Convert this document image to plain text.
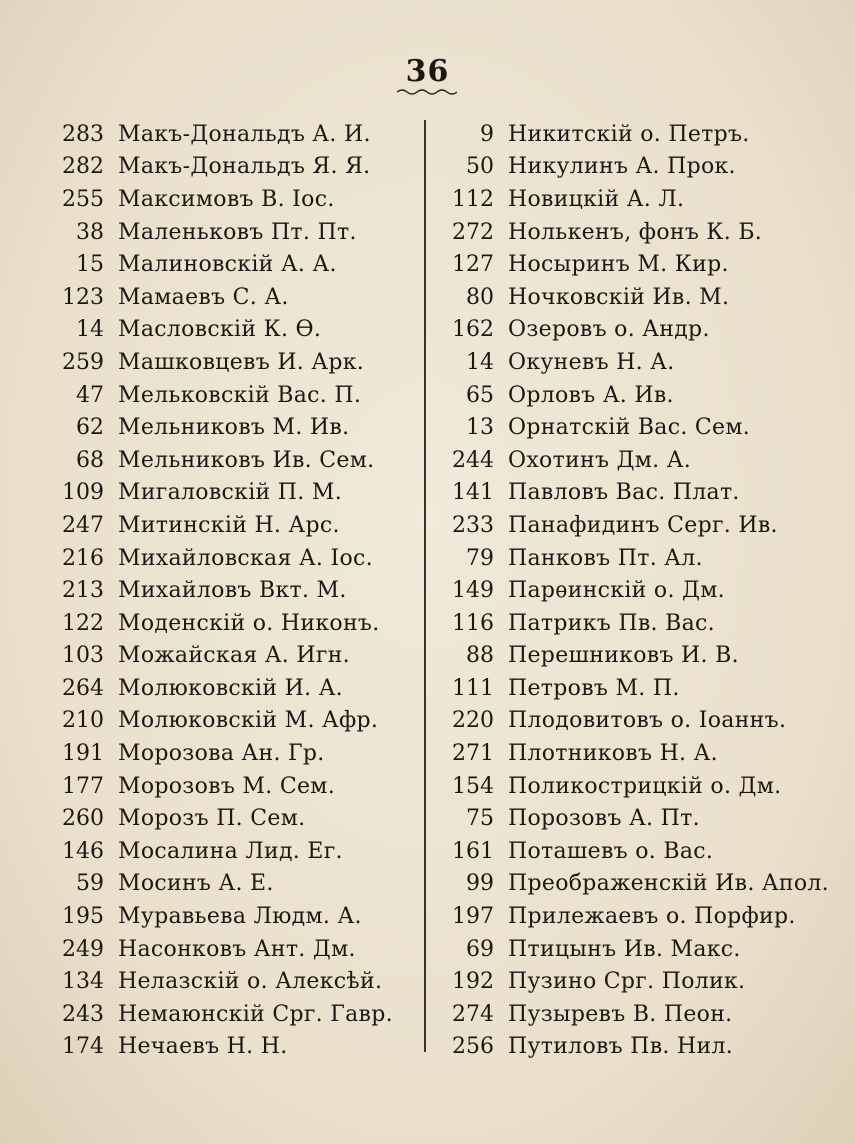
36
283 Макъ-Дональдъ А. И.
282 Макъ-Дональдъ Я. Я.
255 Максимовъ В. Іос.
38 Маленьковъ Пт. Пт.
15 Малиновскій А. А.
123 Мамаевъ С. А.
14 Масловскій К. Ѳ.
259 Машковцевъ И. Арк.
47 Мельковскій Вас. П.
62 Мельниковъ М. Ив.
68 Мельниковъ Ив. Сем.
109 Мигаловскій П. М.
247 Митинскій Н. Арс.
216 Михайловская А. Іос.
213 Михайловъ Вкт. М.
122 Моденскій о. Никонъ.
103 Можайская А. Игн.
264 Молюковскій И. А.
210 Молюковскій М. Афр.
191 Морозова Ан. Гр.
177 Морозовъ М. Сем.
260 Морозъ П. Сем.
146 Мосалина Лид. Ег.
59 Мосинъ А. Е.
195 Муравьева Людм. А.
249 Насонковъ Ант. Дм.
134 Нелазскій о. Алексѣй.
243 Немаюнскій Срг. Гавр.
174 Нечаевъ Н. Н.
9 Никитскій о. Петръ.
50 Никулинъ А. Прок.
112 Новицкій А. Л.
272 Нолькенъ, фонъ К. Б.
127 Носыринъ М. Кир.
80 Ночковскій Ив. М.
162 Озеровъ о. Андр.
14 Окуневъ Н. А.
65 Орловъ А. Ив.
13 Орнатскій Вас. Сем.
244 Охотинъ Дм. А.
141 Павловъ Вас. Плат.
233 Панафидинъ Серг. Ив.
79 Панковъ Пт. Ал.
149 Парѳинскій о. Дм.
116 Патрикъ Пв. Вас.
88 Перешниковъ И. В.
111 Петровъ М. П.
220 Плодовитовъ о. Іоаннъ.
271 Плотниковъ Н. А.
154 Поликострицкій о. Дм.
75 Порозовъ А. Пт.
161 Поташевъ о. Вас.
99 Преображенскій Ив. Апол.
197 Прилежаевъ о. Порфир.
69 Птицынъ Ив. Макс.
192 Пузино Срг. Полик.
274 Пузыревъ В. Пеон.
256 Путиловъ Пв. Нил.
